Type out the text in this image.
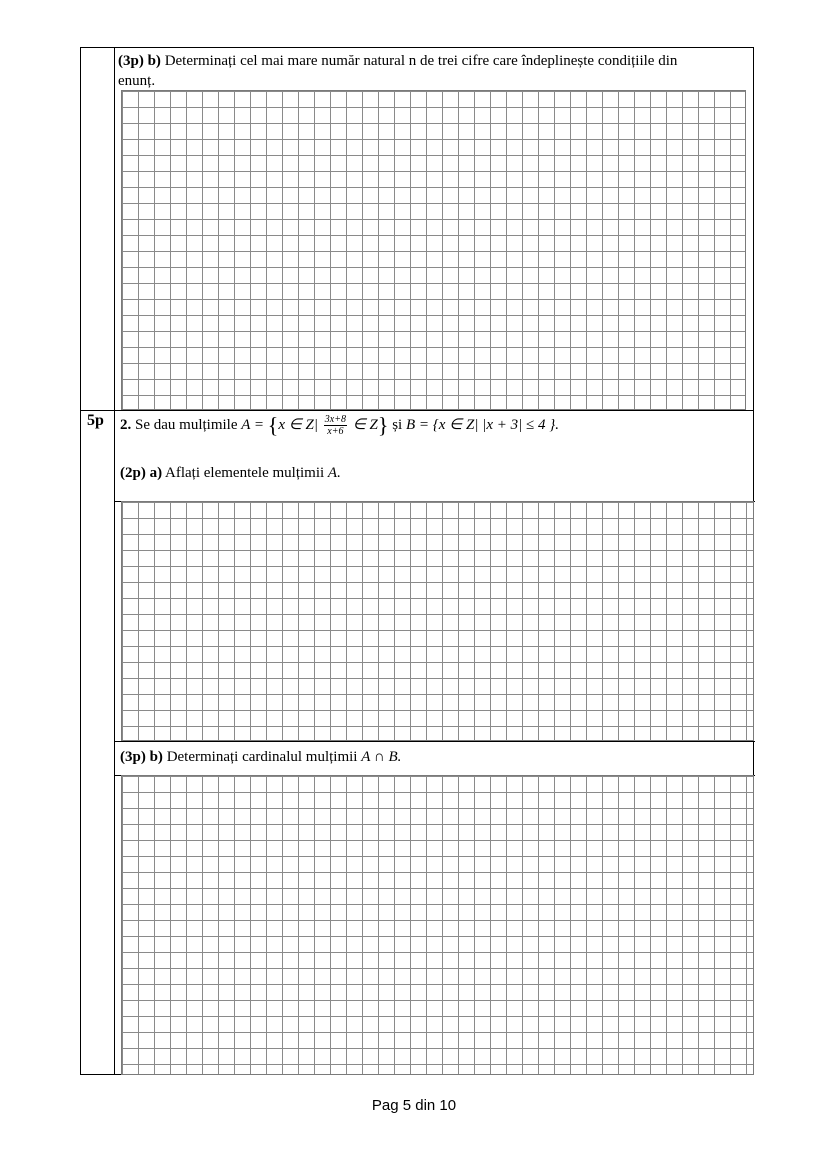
5p
(3p) b) Determinați cel mai mare număr natural n de trei cifre care îndeplinește condițiile din
enunț.
2. Se dau mulțimile A = {x ∈ $Z| \frac{3x+8}{x+6}$ ∈ Z} și B = {x ∈ Z| |x + 3| ≤ 4 }.
(2p) a) Aflați elementele mulțimii A.
(3p) b) Determinați cardinalul mulțimii A ∩ B.
Pag 5 din 10
